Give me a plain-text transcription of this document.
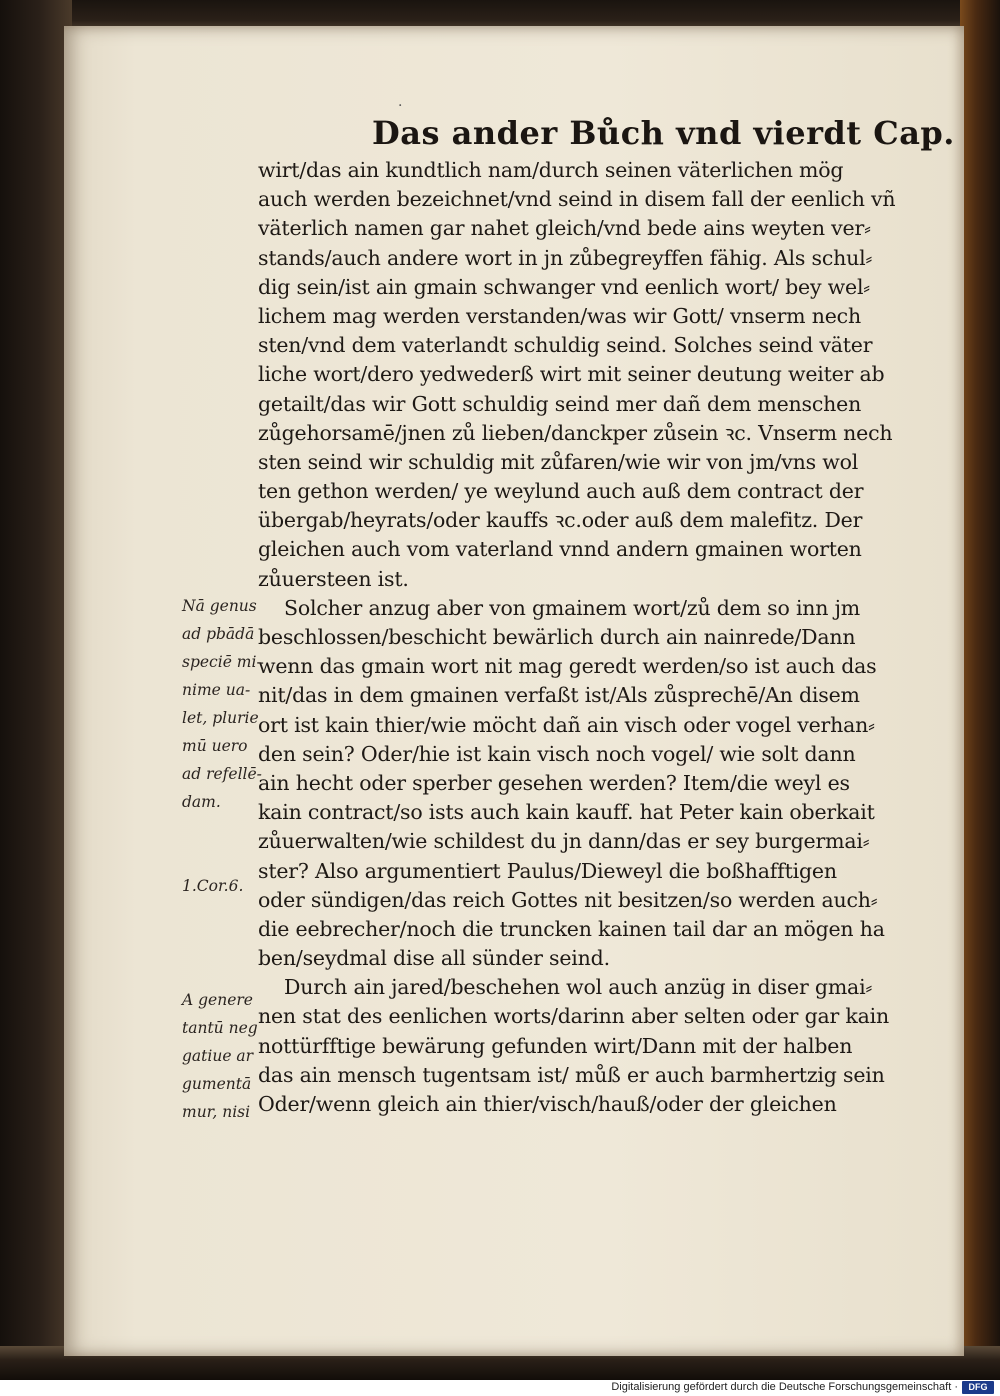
·
Das ander Bůch vnd vierdt Cap.
wirt/das ain kundtlich nam/durch seinen väterlichen mög
auch werden bezeichnet/vnd seind in disem fall der eenlich vñ
väterlich namen gar nahet gleich/vnd bede ains weyten ver⸗
stands/auch andere wort in jn zůbegreyffen fähig. Als schul⸗
dig sein/ist ain gmain schwanger vnd eenlich wort/ bey wel⸗
lichem mag werden verstanden/was wir Gott/ vnserm nech
sten/vnd dem vaterlandt schuldig seind. Solches seind väter
liche wort/dero yedwederß wirt mit seiner deutung weiter ab
getailt/das wir Gott schuldig seind mer dañ dem menschen
zůgehorsamē/jnen zů lieben/danckper zůsein ꝛc. Vnserm nech
sten seind wir schuldig mit zůfaren/wie wir von jm/vns wol
ten gethon werden/ ye weylund auch auß dem contract der
übergab/heyrats/oder kauffs ꝛc.oder auß dem malefitz. Der
gleichen auch vom vaterland vnnd andern gmainen worten
zůuersteen ist.
Solcher anzug aber von gmainem wort/zů dem so inn jm
beschlossen/beschicht bewärlich durch ain nainrede/Dann
wenn das gmain wort nit mag geredt werden/so ist auch das
nit/das in dem gmainen verfaßt ist/Als zůsprechē/An disem
ort ist kain thier/wie möcht dañ ain visch oder vogel verhan⸗
den sein? Oder/hie ist kain visch noch vogel/ wie solt dann
ain hecht oder sperber gesehen werden? Item/die weyl es
kain contract/so ists auch kain kauff. hat Peter kain oberkait
zůuerwalten/wie schildest du jn dann/das er sey burgermai⸗
ster? Also argumentiert Paulus/Dieweyl die boßhafftigen
oder sündigen/das reich Gottes nit besitzen/so werden auch⸗
die eebrecher/noch die truncken kainen tail dar an mögen ha
ben/seydmal dise all sünder seind.
Durch ain jared/beschehen wol auch anzüg in diser gmai⸗
nen stat des eenlichen worts/darinn aber selten oder gar kain
nottürfftige bewärung gefunden wirt/Dann mit der halben
das ain mensch tugentsam ist/ můß er auch barmhertzig sein
Oder/wenn gleich ain thier/visch/hauß/oder der gleichen
Nā genus
ad pbādā
speciē mi-
nime ua-
let, plurie
mū uero
ad refellē-
dam.
1.Cor.6.
A genere
tantū neg
gatiue ar
gumentā
mur, nisi
Digitalisierung gefördert durch die Deutsche Forschungsgemeinschaft ·	DFG
